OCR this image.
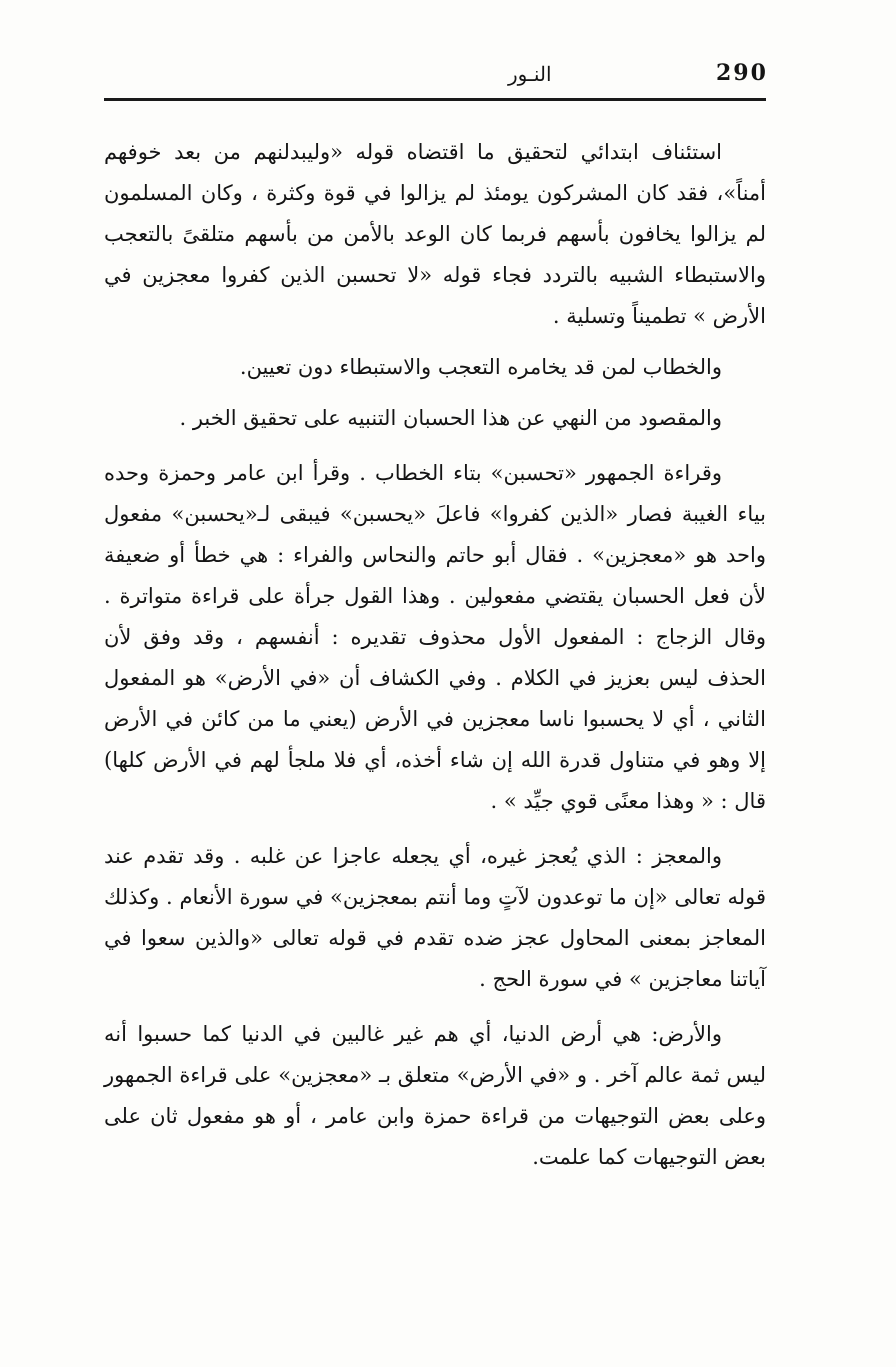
290
النـور

استئناف ابتدائي لتحقيق ما اقتضاه قوله «وليبدلنهم من بعد خوفهم أمناً»، فقد كان المشركون يومئذ لم يزالوا في قوة وكثرة ، وكان المسلمون لم يزالوا يخافون بأسهم فربما كان الوعد بالأمن من بأسهم متلقىً بالتعجب والاستبطاء الشبيه بالتردد فجاء قوله «لا تحسبن الذين كفروا معجزين في الأرض » تطميناً وتسلية .

والخطاب لمن قد يخامره التعجب والاستبطاء دون تعيين.

والمقصود من النهي عن هذا الحسبان التنبيه على تحقيق الخبر .

وقراءة الجمهور «تحسبن» بتاء الخطاب . وقرأ ابن عامر وحمزة وحده بياء الغيبة فصار «الذين كفروا» فاعلَ «يحسبن» فيبقى لـ«يحسبن» مفعول واحد هو «معجزين» . فقال أبو حاتم والنحاس والفراء : هي خطأ أو ضعيفة لأن فعل الحسبان يقتضي مفعولين . وهذا القول جرأة على قراءة متواترة . وقال الزجاج : المفعول الأول محذوف تقديره : أنفسهم ، وقد وفق لأن الحذف ليس بعزيز في الكلام . وفي الكشاف أن «في الأرض» هو المفعول الثاني ، أي لا يحسبوا ناسا معجزين في الأرض (يعني ما من كائن في الأرض إلا وهو في متناول قدرة الله إن شاء أخذه، أي فلا ملجأ لهم في الأرض كلها) قال : « وهذا معنًى قوي جيِّد » .

والمعجز : الذي يُعجز غيره، أي يجعله عاجزا عن غلبه . وقد تقدم عند قوله تعالى «إن ما توعدون لآتٍ وما أنتم بمعجزين» في سورة الأنعام . وكذلك المعاجز بمعنى المحاول عجز ضده تقدم في قوله تعالى «والذين سعوا في آياتنا معاجزين » في سورة الحج .

والأرض: هي أرض الدنيا، أي هم غير غالبين في الدنيا كما حسبوا أنه ليس ثمة عالم آخر . و «في الأرض» متعلق بـ «معجزين» على قراءة الجمهور وعلى بعض التوجيهات من قراءة حمزة وابن عامر ، أو هو مفعول ثان على بعض التوجيهات كما علمت.
